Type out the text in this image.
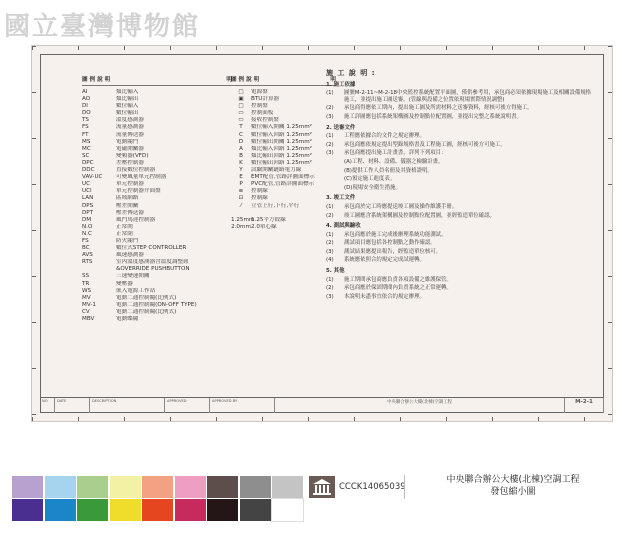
國立臺灣博物館
圖 例 說 明	明
AI	類比輸入
AO	類比輸出
DI	數位輸入
DO	數位輸出
TS	溫度感測器
FS	流量感測器
FT	流量傳送器
MS	電動閥門
MC	電磁開關器
SC	變頻器(VFD)
DPC	差壓控制器
DDC	直接數位控制器
VAV-UC	可變風量單元控制器
UC	單元控制器
UCI	單元控制器介面盤
LAN	區域網路
DPS	壓差開關
DPT	壓差傳送器
DM	風門馬達控制器
N.O	正常開
N.C	正常閉
FS	防火閥門
BC	數位式STEP CONTROLLER
AVS	風速感測器
RTS	室內溫度感測器含溫度調整鈕
&OVERRIDE PUSHBUTTON
SS	三速變速開關
TR	變壓器
WS	嵌入電源工作站
MV	電動二通控制閥(比例式)
MV-1	電動二通控制閥(ON-OFF TYPE)
CV	電動二通控制閥(比例式)
MBV	電動蝶閥
圖 例 說 明	明
□	電源盤
▣	BTU計算器
□	控制盤
▭	控制面板
▭	接收控制盤
T	數位輸入開關 1.25mm²
C	數位輸入回路 1.25mm²
D	數位輸出開關 1.25mm²
A	類比輸入回路 1.25mm²
B	類比輸出回路 1.25mm²
K	數位輸出回路 1.25mm²
Y	試驗開關鏈路電力線
E	EMT配管,管路詳圖面標示
P	PVC配管,管路詳圖面標示
≡	控制線
⊡	控制線
⁄	立管上行,下行,平行
1.25mm
1.25平方絞線
2.0mm 2.0單心線
施 工 說 明 :
1. 施工依據
(1)	圖號M-2-11~M-2-18中央監控系統配置平面圖，僅供參考用，承包商必須依據現場施工及相關設備規格施工，並提出施工圖送審。(管線與設備之位置依現場實際情況調整)
(2)	承包商得應依工期內，提出施工圖及所需材料之送審資料，經核可後方得施工。
(3)	施工詳圖應包括系統架構圖及控制點位配置圖，並提出完整之系統說明書。
2. 送審文件
(1)	工程應依據合約文件之規定辦理。
(2)	承包商應依規定提出型錄規格書及工程施工圖，經核可後方可施工。
(3)	承包商應提出施工計畫書，詳列下列項目：
(A)工程、材料、設備、儀器之檢驗計畫。
(B)提供工作人員名冊及其資格證明。
(C)預定施工進度表。
(D)現場安全衛生措施。
3. 竣工文件
(1)	承包商於完工時應提送竣工圖及操作維護手冊。
(2)	竣工圖應含系統架構圖及控制點位配置圖，並經監造單位確認。
4. 測試與驗收
(1)	承包商應於施工完成後辦理系統功能測試。
(2)	測試項目應包括各控制點之動作確認。
(3)	測試結果應提出報告，經監造單位核可。
(4)	系統應依照合約規定完成試運轉。
5. 其他
(1)	施工期間承包商應負責各項設備之維護保管。
(2)	承包商應於保固期間內負責系統之正常運轉。
(3)	本說明未盡事宜依合約規定辦理。
NO	DATE	DESCRIPTION	APPROVED	APPROVED BY	中央聯合辦公大樓(北棟)空調工程	M-2-1
CCCK14065039
中央聯合辦公大樓(北棟)空調工程
發包縮小圖
